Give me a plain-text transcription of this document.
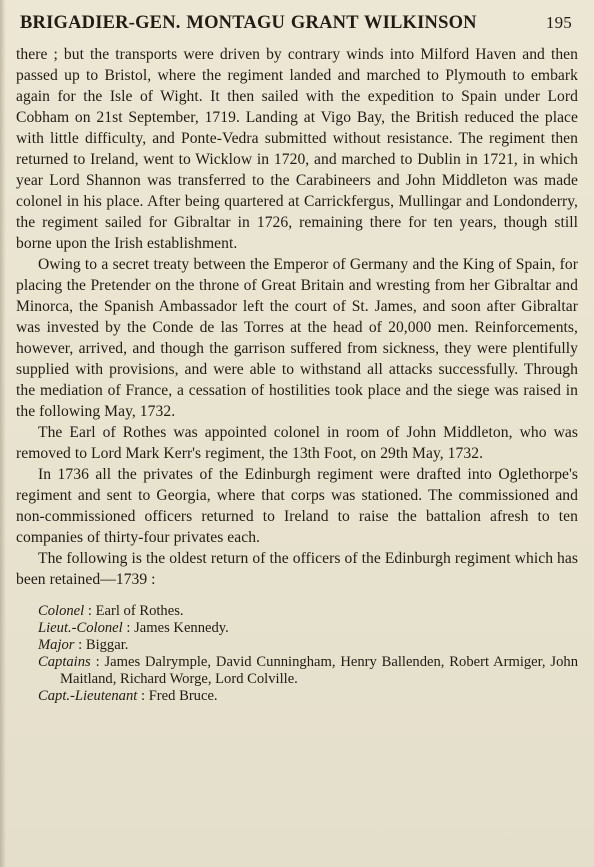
BRIGADIER-GEN. MONTAGU GRANT WILKINSON	195

there ; but the transports were driven by contrary winds into Milford Haven and then passed up to Bristol, where the regiment landed and marched to Plymouth to embark again for the Isle of Wight. It then sailed with the expedition to Spain under Lord Cobham on 21st September, 1719. Landing at Vigo Bay, the British reduced the place with little difficulty, and Ponte-Vedra submitted without resistance. The regiment then returned to Ireland, went to Wicklow in 1720, and marched to Dublin in 1721, in which year Lord Shannon was transferred to the Carabineers and John Middleton was made colonel in his place. After being quartered at Carrickfergus, Mullingar and Londonderry, the regiment sailed for Gibraltar in 1726, remaining there for ten years, though still borne upon the Irish establishment.

Owing to a secret treaty between the Emperor of Germany and the King of Spain, for placing the Pretender on the throne of Great Britain and wresting from her Gibraltar and Minorca, the Spanish Ambassador left the court of St. James, and soon after Gibraltar was invested by the Conde de las Torres at the head of 20,000 men. Reinforcements, however, arrived, and though the garrison suffered from sickness, they were plentifully supplied with provisions, and were able to withstand all attacks successfully. Through the mediation of France, a cessation of hostilities took place and the siege was raised in the following May, 1732.

The Earl of Rothes was appointed colonel in room of John Middleton, who was removed to Lord Mark Kerr's regiment, the 13th Foot, on 29th May, 1732.

In 1736 all the privates of the Edinburgh regiment were drafted into Oglethorpe's regiment and sent to Georgia, where that corps was stationed. The commissioned and non-commissioned officers returned to Ireland to raise the battalion afresh to ten companies of thirty-four privates each.

The following is the oldest return of the officers of the Edinburgh regiment which has been retained—1739 :

Colonel : Earl of Rothes.
Lieut.-Colonel : James Kennedy.
Major : Biggar.
Captains : James Dalrymple, David Cunningham, Henry Ballenden, Robert Armiger, John Maitland, Richard Worge, Lord Colville.
Capt.-Lieutenant : Fred Bruce.
